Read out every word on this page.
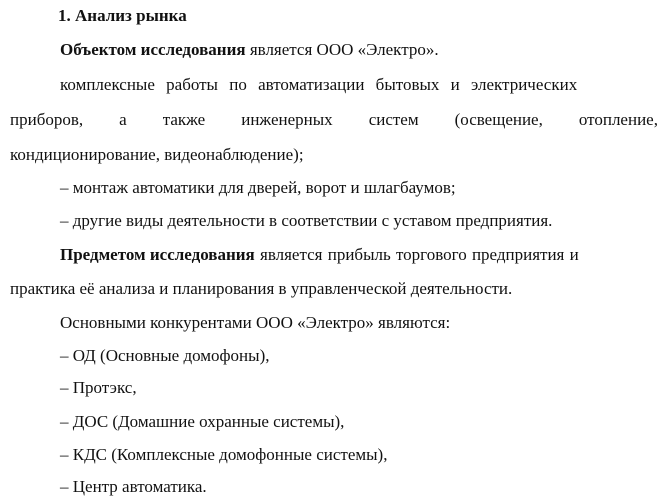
1. Анализ рынка
Объектом исследования является ООО «Электро».
комплексные работы по автоматизации бытовых и электрических
приборов, а также инженерных систем (освещение, отопление,
кондиционирование, видеонаблюдение);
– монтаж автоматики для дверей, ворот и шлагбаумов;
– другие виды деятельности в соответствии с уставом предприятия.
Предметом исследования является прибыль торгового предприятия и
практика её анализа и планирования в управленческой деятельности.
Основными конкурентами ООО «Электро» являются:
– ОД (Основные домофоны),
– Протэкс,
– ДОС (Домашние охранные системы),
– КДС (Комплексные домофонные системы),
– Центр автоматика.
